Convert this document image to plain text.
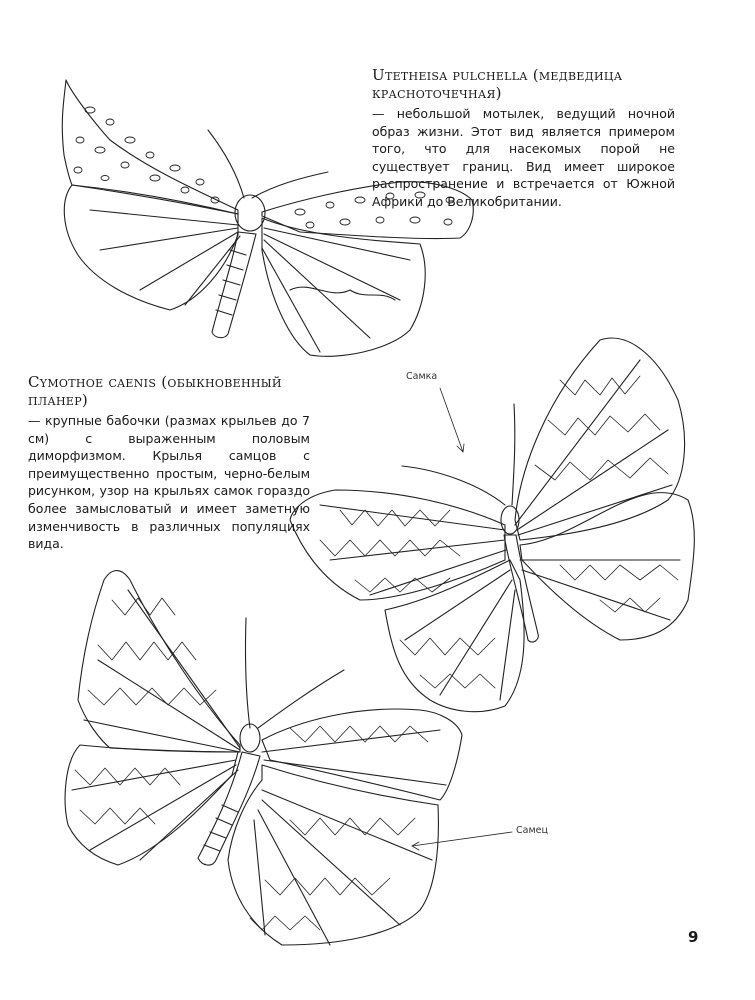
Utetheisa pulchella (медведица красноточечная)

— небольшой мотылек, ведущий ночной образ жизни. Этот вид является примером того, что для насекомых порой не существует границ. Вид имеет широкое распространение и встречается от Южной Африки до Великобритании.

Cymothoe caenis (обыкновенный планер)

— крупные бабочки (размах крыльев до 7 см) с выраженным половым диморфизмом. Крылья самцов с преимущественно простым, черно-белым рисунком, узор на крыльях самок гораздо более замысловатый и имеет заметную изменчивость в различных популяциях вида.

Самка
Самец
9
